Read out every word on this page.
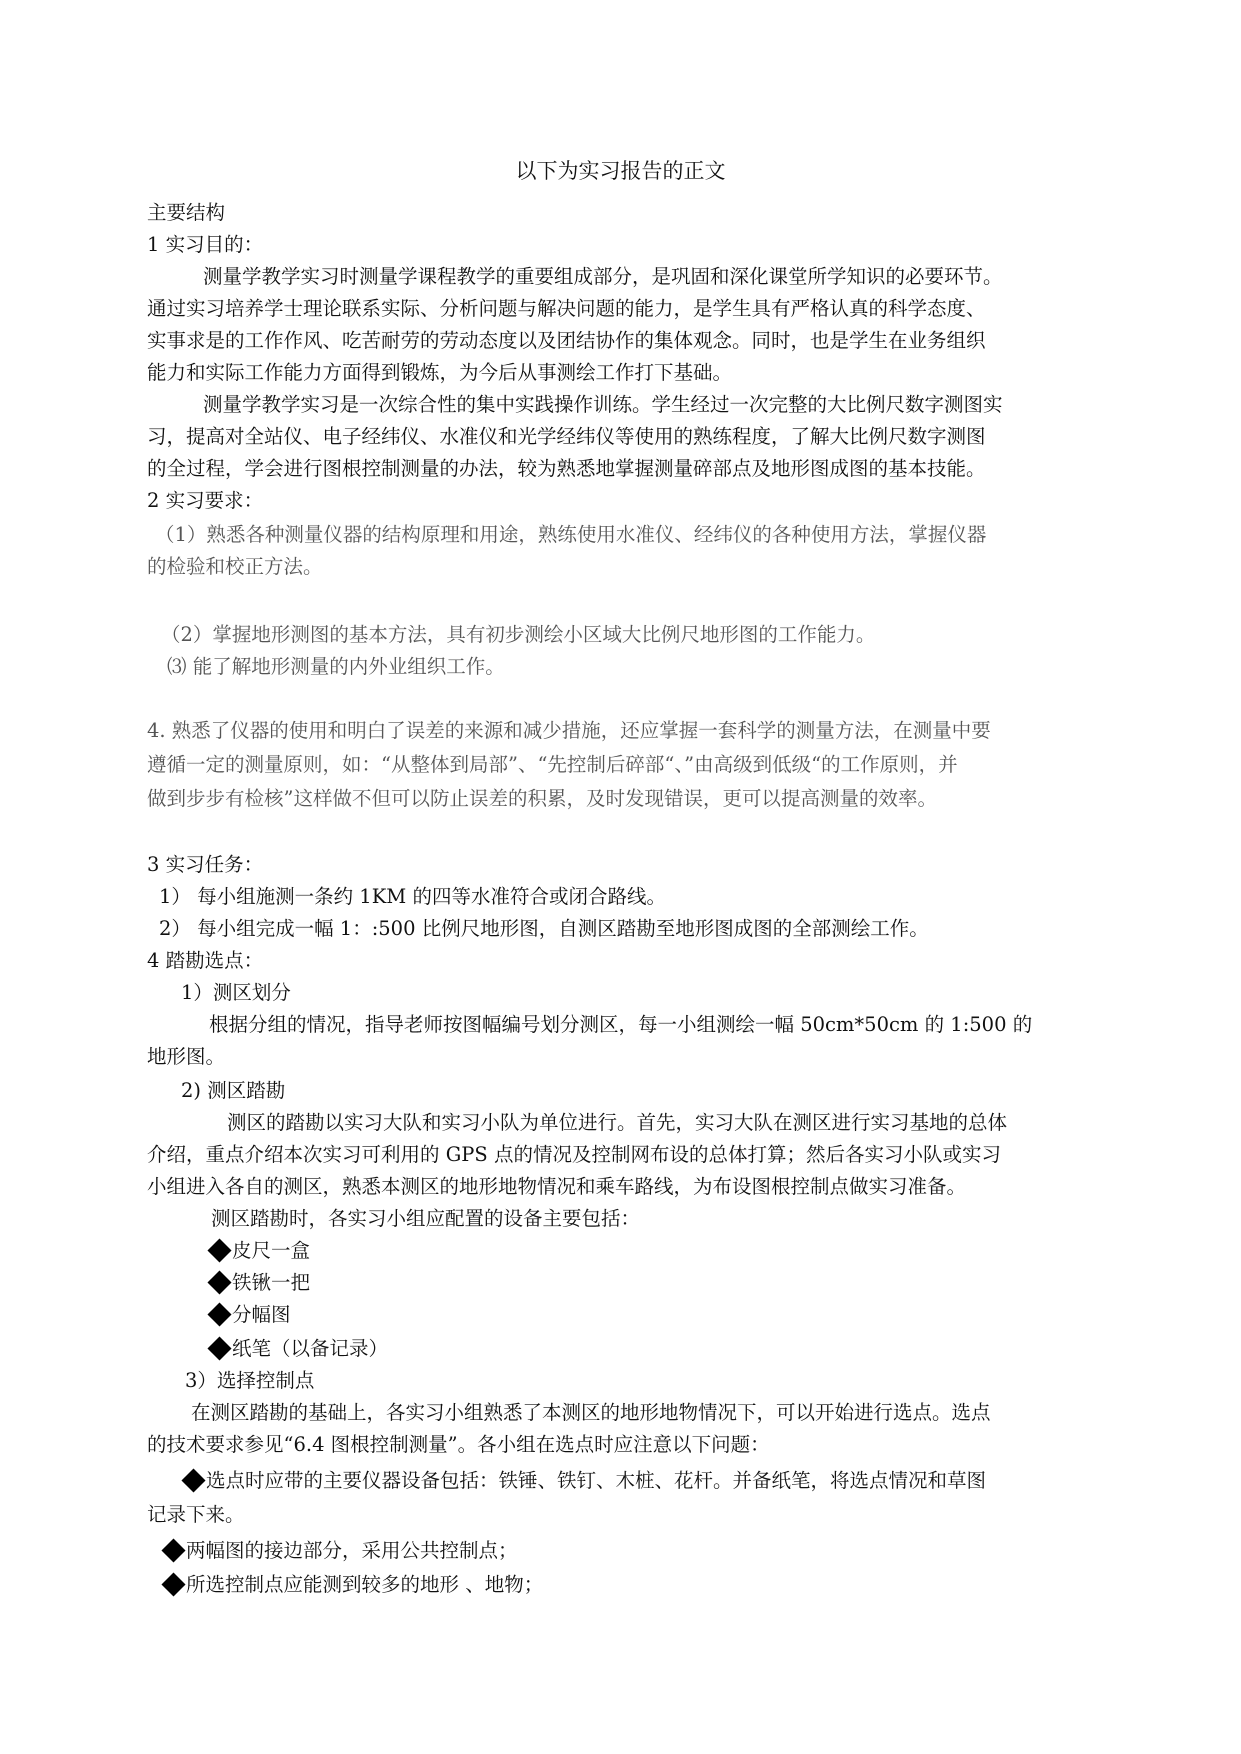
以下为实习报告的正文
主要结构
1 实习目的：
测量学教学实习时测量学课程教学的重要组成部分，是巩固和深化课堂所学知识的必要环节。
通过实习培养学士理论联系实际、分析问题与解决问题的能力，是学生具有严格认真的科学态度、
实事求是的工作作风、吃苦耐劳的劳动态度以及团结协作的集体观念。同时，也是学生在业务组织
能力和实际工作能力方面得到锻炼，为今后从事测绘工作打下基础。
测量学教学实习是一次综合性的集中实践操作训练。学生经过一次完整的大比例尺数字测图实
习，提高对全站仪、电子经纬仪、水准仪和光学经纬仪等使用的熟练程度，了解大比例尺数字测图
的全过程，学会进行图根控制测量的办法，较为熟悉地掌握测量碎部点及地形图成图的基本技能。
2 实习要求：
（1）熟悉各种测量仪器的结构原理和用途，熟练使用水准仪、经纬仪的各种使用方法，掌握仪器
的检验和校正方法。
（2）掌握地形测图的基本方法，具有初步测绘小区域大比例尺地形图的工作能力。
⑶ 能了解地形测量的内外业组织工作。
4. 熟悉了仪器的使用和明白了误差的来源和减少措施，还应掌握一套科学的测量方法，在测量中要
遵循一定的测量原则，如：“从整体到局部”、“先控制后碎部“、”由高级到低级“的工作原则，并
做到步步有检核”这样做不但可以防止误差的积累，及时发现错误，更可以提高测量的效率。
3 实习任务：
1） 每小组施测一条约 1KM 的四等水准符合或闭合路线。
2） 每小组完成一幅 1：:500 比例尺地形图，自测区踏勘至地形图成图的全部测绘工作。
4 踏勘选点：
1）测区划分
根据分组的情况，指导老师按图幅编号划分测区，每一小组测绘一幅 50cm*50cm 的 1:500 的
地形图。
2) 测区踏勘
测区的踏勘以实习大队和实习小队为单位进行。首先，实习大队在测区进行实习基地的总体
介绍，重点介绍本次实习可利用的 GPS 点的情况及控制网布设的总体打算；然后各实习小队或实习
小组进入各自的测区，熟悉本测区的地形地物情况和乘车路线，为布设图根控制点做实习准备。
测区踏勘时，各实习小组应配置的设备主要包括：
皮尺一盒
铁锹一把
分幅图
纸笔（以备记录）
3）选择控制点
在测区踏勘的基础上，各实习小组熟悉了本测区的地形地物情况下，可以开始进行选点。选点
的技术要求参见“6.4 图根控制测量”。各小组在选点时应注意以下问题：
选点时应带的主要仪器设备包括：铁锤、铁钉、木桩、花杆。并备纸笔，将选点情况和草图
记录下来。
两幅图的接边部分，采用公共控制点；
所选控制点应能测到较多的地形 、地物；
